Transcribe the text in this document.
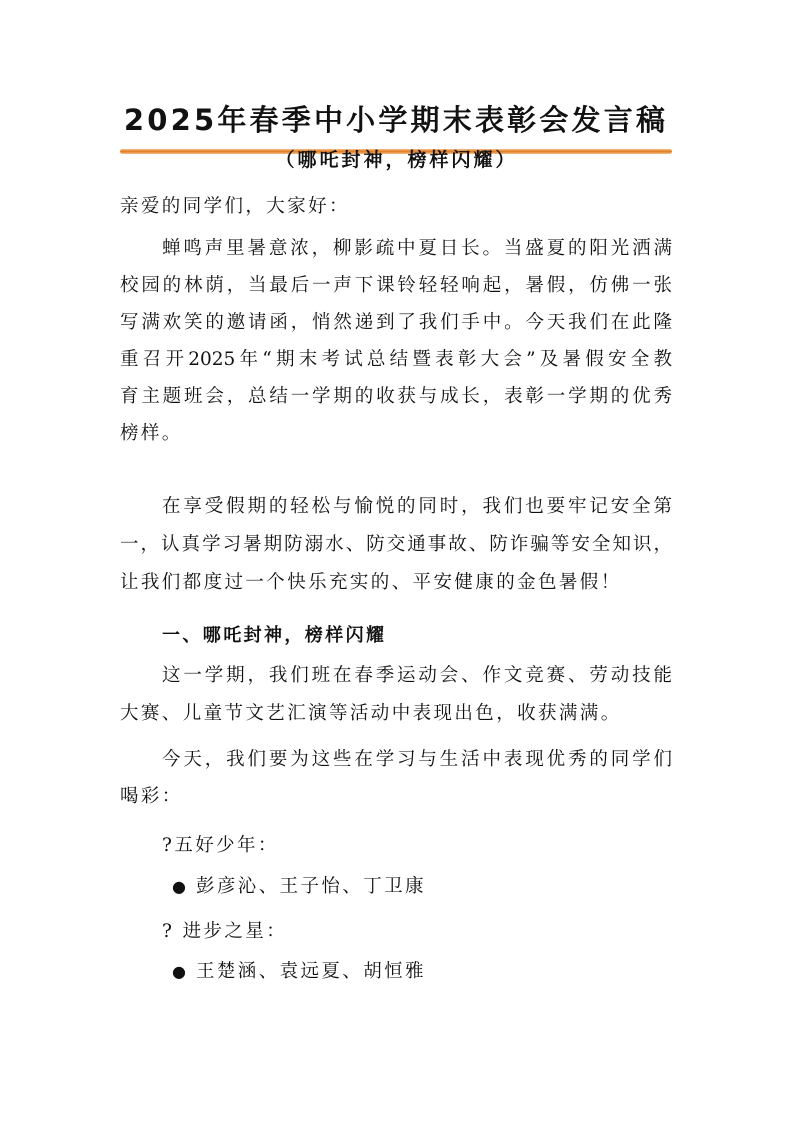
2025年春季中小学期末表彰会发言稿
（哪吒封神，榜样闪耀）
亲爱的同学们，大家好：
蝉鸣声里暑意浓，柳影疏中夏日长。当盛夏的阳光洒满
校园的林荫，当最后一声下课铃轻轻响起，暑假，仿佛一张
写满欢笑的邀请函，悄然递到了我们手中。今天我们在此隆
重召开2025年“期末考试总结暨表彰大会”及暑假安全教
育主题班会，总结一学期的收获与成长，表彰一学期的优秀
榜样。
在享受假期的轻松与愉悦的同时，我们也要牢记安全第
一，认真学习暑期防溺水、防交通事故、防诈骗等安全知识，
让我们都度过一个快乐充实的、平安健康的金色暑假！
一、哪吒封神，榜样闪耀
这一学期，我们班在春季运动会、作文竞赛、劳动技能
大赛、儿童节文艺汇演等活动中表现出色，收获满满。
今天，我们要为这些在学习与生活中表现优秀的同学们
喝彩：
?五好少年：
● 彭彦沁、王子怡、丁卫康
? 进步之星：
● 王楚涵、袁远夏、胡恒雅
